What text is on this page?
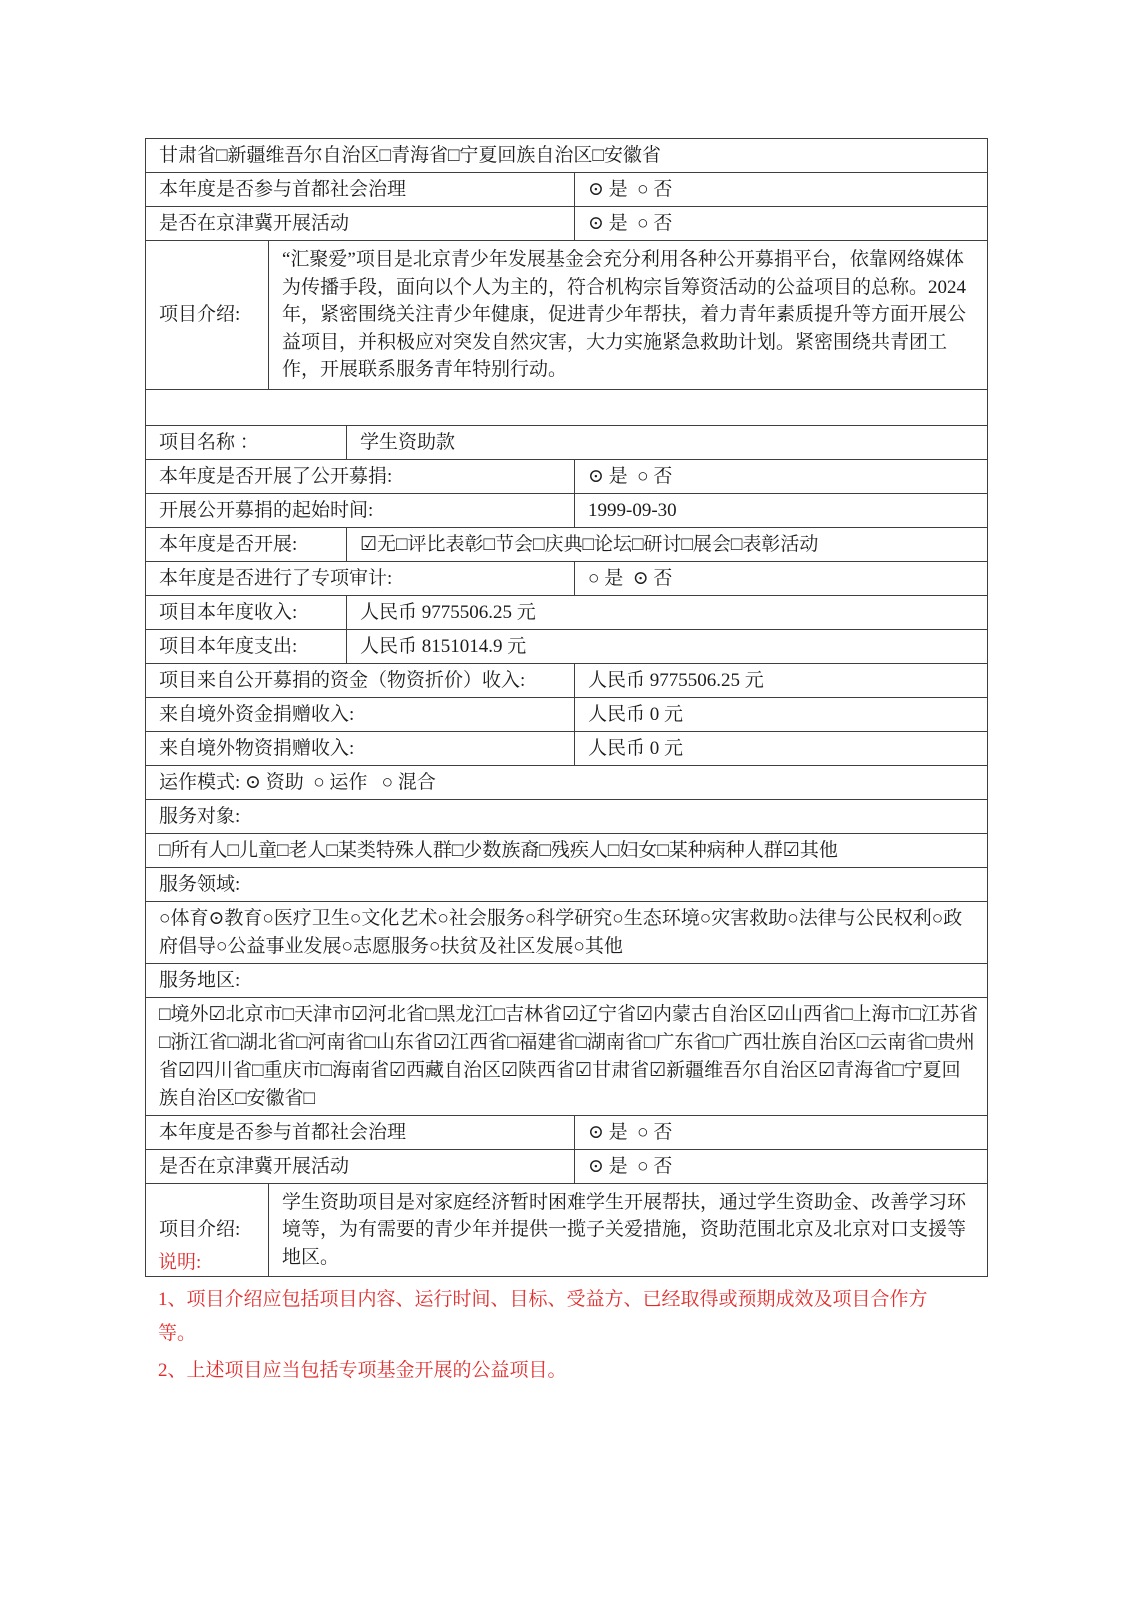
甘肃省□新疆维吾尔自治区□青海省□宁夏回族自治区□安徽省
本年度是否参与首都社会治理	⊙ 是  ○ 否
是否在京津冀开展活动	⊙ 是  ○ 否
项目介绍:
“汇聚爱”项目是北京青少年发展基金会充分利用各种公开募捐平台，依靠网络媒体为传播手段，面向以个人为主的，符合机构宗旨筹资活动的公益项目的总称。2024 年，紧密围绕关注青少年健康，促进青少年帮扶，着力青年素质提升等方面开展公益项目，并积极应对突发自然灾害，大力实施紧急救助计划。紧密围绕共青团工作，开展联系服务青年特别行动。
项目名称 ：	学生资助款
本年度是否开展了公开募捐:	⊙ 是  ○ 否
开展公开募捐的起始时间:	1999-09-30
本年度是否开展:	☑无□评比表彰□节会□庆典□论坛□研讨□展会□表彰活动
本年度是否进行了专项审计:	○ 是  ⊙ 否
项目本年度收入:	人民币 9775506.25 元
项目本年度支出:	人民币 8151014.9 元
项目来自公开募捐的资金（物资折价）收入:	人民币 9775506.25 元
来自境外资金捐赠收入:	人民币 0 元
来自境外物资捐赠收入:	人民币 0 元
运作模式: ⊙ 资助  ○ 运作   ○ 混合
服务对象:
□所有人□儿童□老人□某类特殊人群□少数族裔□残疾人□妇女□某种病种人群☑其他
服务领域:
○体育⊙教育○医疗卫生○文化艺术○社会服务○科学研究○生态环境○灾害救助○法律与公民权利○政府倡导○公益事业发展○志愿服务○扶贫及社区发展○其他
服务地区:
□境外☑北京市□天津市☑河北省□黑龙江□吉林省☑辽宁省☑内蒙古自治区☑山西省□上海市□江苏省□浙江省□湖北省□河南省□山东省☑江西省□福建省□湖南省□广东省□广西壮族自治区□云南省□贵州省☑四川省□重庆市□海南省☑西藏自治区☑陕西省☑甘肃省☑新疆维吾尔自治区☑青海省□宁夏回族自治区□安徽省□
本年度是否参与首都社会治理	⊙ 是  ○ 否
是否在京津冀开展活动	⊙ 是  ○ 否
项目介绍:
学生资助项目是对家庭经济暂时困难学生开展帮扶，通过学生资助金、改善学习环境等，为有需要的青少年并提供一揽子关爱措施，资助范围北京及北京对口支援等地区。
说明:
1、项目介绍应包括项目内容、运行时间、目标、受益方、已经取得或预期成效及项目合作方等。
2、上述项目应当包括专项基金开展的公益项目。
